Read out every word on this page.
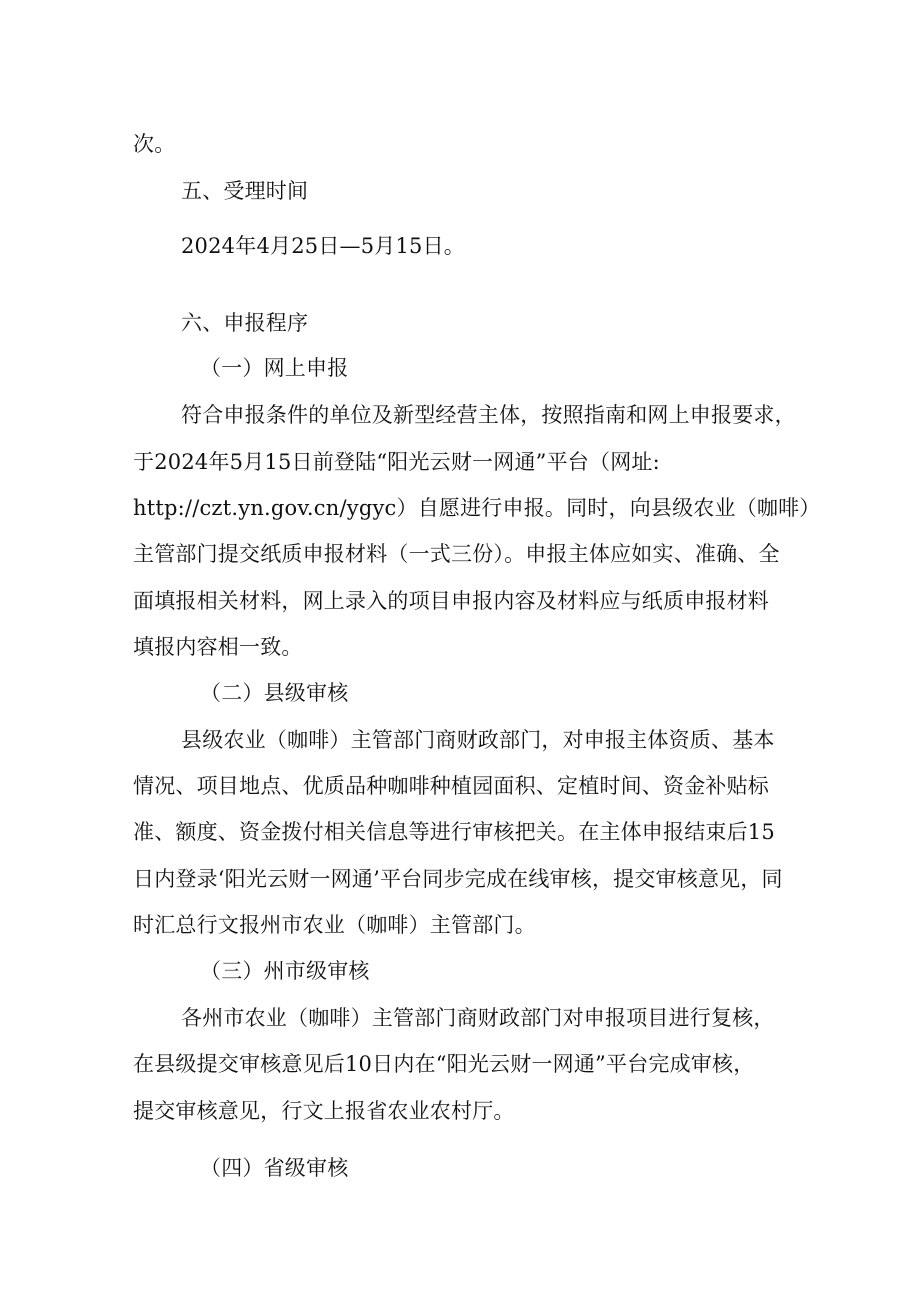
次。
五、受理时间
2024年4月25日—5月15日。
六、申报程序
（一）网上申报
符合申报条件的单位及新型经营主体，按照指南和网上申报要求，
于2024年5月15日前登陆“阳光云财一网通”平台（网址:
http://czt.yn.gov.cn/ygyc）自愿进行申报。同时，向县级农业（咖啡）
主管部门提交纸质申报材料（一式三份）。申报主体应如实、准确、全
面填报相关材料，网上录入的项目申报内容及材料应与纸质申报材料
填报内容相一致。
（二）县级审核
县级农业（咖啡）主管部门商财政部门，对申报主体资质、基本
情况、项目地点、优质品种咖啡种植园面积、定植时间、资金补贴标
准、额度、资金拨付相关信息等进行审核把关。在主体申报结束后15
日内登录‘阳光云财一网通’平台同步完成在线审核，提交审核意见，同
时汇总行文报州市农业（咖啡）主管部门。
（三）州市级审核
各州市农业（咖啡）主管部门商财政部门对申报项目进行复核，
在县级提交审核意见后10日内在“阳光云财一网通”平台完成审核，
提交审核意见，行文上报省农业农村厅。
（四）省级审核
